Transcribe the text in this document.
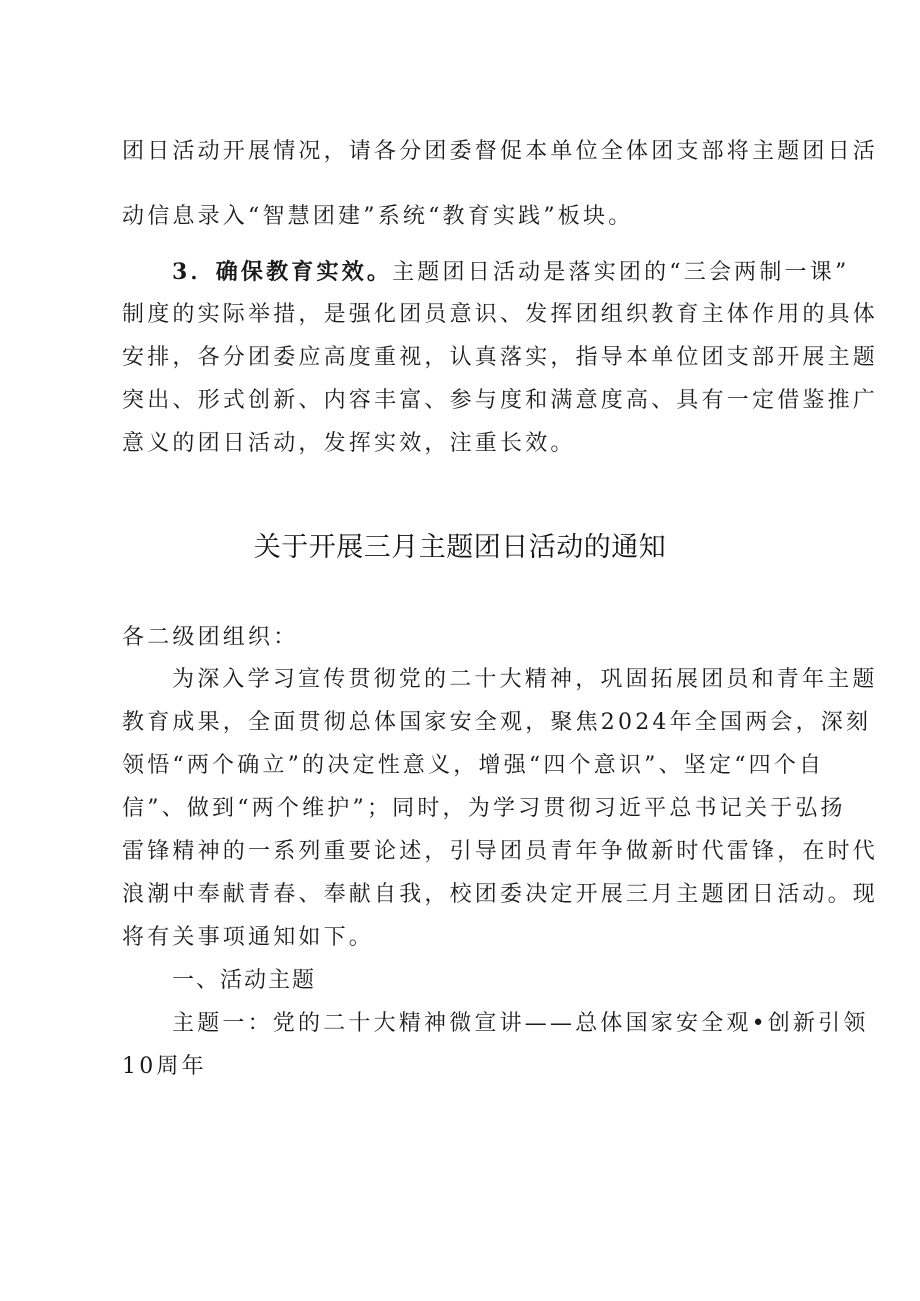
团日活动开展情况，请各分团委督促本单位全体团支部将主题团日活
动信息录入“智慧团建”系统“教育实践”板块。
3．确保教育实效。主题团日活动是落实团的“三会两制一课”
制度的实际举措，是强化团员意识、发挥团组织教育主体作用的具体
安排，各分团委应高度重视，认真落实，指导本单位团支部开展主题
突出、形式创新、内容丰富、参与度和满意度高、具有一定借鉴推广
意义的团日活动，发挥实效，注重长效。
关于开展三月主题团日活动的通知
各二级团组织：
为深入学习宣传贯彻党的二十大精神，巩固拓展团员和青年主题
教育成果，全面贯彻总体国家安全观，聚焦2024年全国两会，深刻
领悟“两个确立”的决定性意义，增强“四个意识”、坚定“四个自
信”、做到“两个维护”；同时，为学习贯彻习近平总书记关于弘扬
雷锋精神的一系列重要论述，引导团员青年争做新时代雷锋，在时代
浪潮中奉献青春、奉献自我，校团委决定开展三月主题团日活动。现
将有关事项通知如下。
一、活动主题
主题一：党的二十大精神微宣讲——总体国家安全观•创新引领
10周年
